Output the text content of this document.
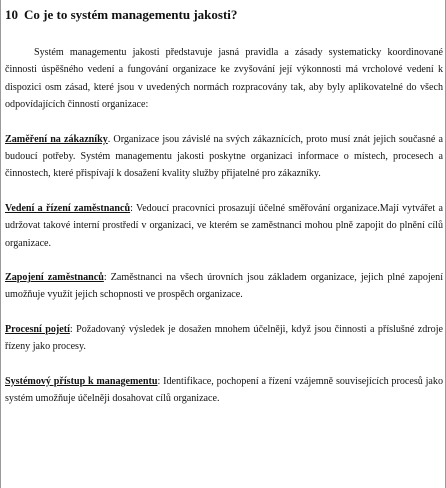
10 Co je to systém managementu jakosti?

Systém managementu jakosti představuje jasná pravidla a zásady systematicky koordinované činnosti úspěšného vedení a fungování organizace ke zvyšování její výkonnosti má vrcholové vedení k dispozici osm zásad, které jsou v uvedených normách rozpracovány tak, aby byly aplikovatelné do všech odpovídajících činností organizace:

Zaměření na zákazníky. Organizace jsou závislé na svých zákaznících, proto musí znát jejich současné a budoucí potřeby. Systém managementu jakosti poskytne organizaci informace o místech, procesech a činnostech, které přispívají k dosažení kvality služby přijatelné pro zákazníky.

Vedení a řízení zaměstnanců: Vedoucí pracovníci prosazují účelné směřování organizace.Mají vytvářet a udržovat takové interní prostředí v organizaci, ve kterém se zaměstnanci mohou plně zapojit do plnění cílů organizace.

Zapojení zaměstnanců: Zaměstnanci na všech úrovních jsou základem organizace, jejich plné zapojení umožňuje využít jejich schopnosti ve prospěch organizace.

Procesní pojetí: Požadovaný výsledek je dosažen mnohem účelněji, když jsou činnosti a příslušné zdroje řízeny jako procesy.

Systémový přístup k managementu: Identifikace, pochopení a řízení vzájemně souvisejících procesů jako systém umožňuje účelněji dosahovat cílů organizace.
